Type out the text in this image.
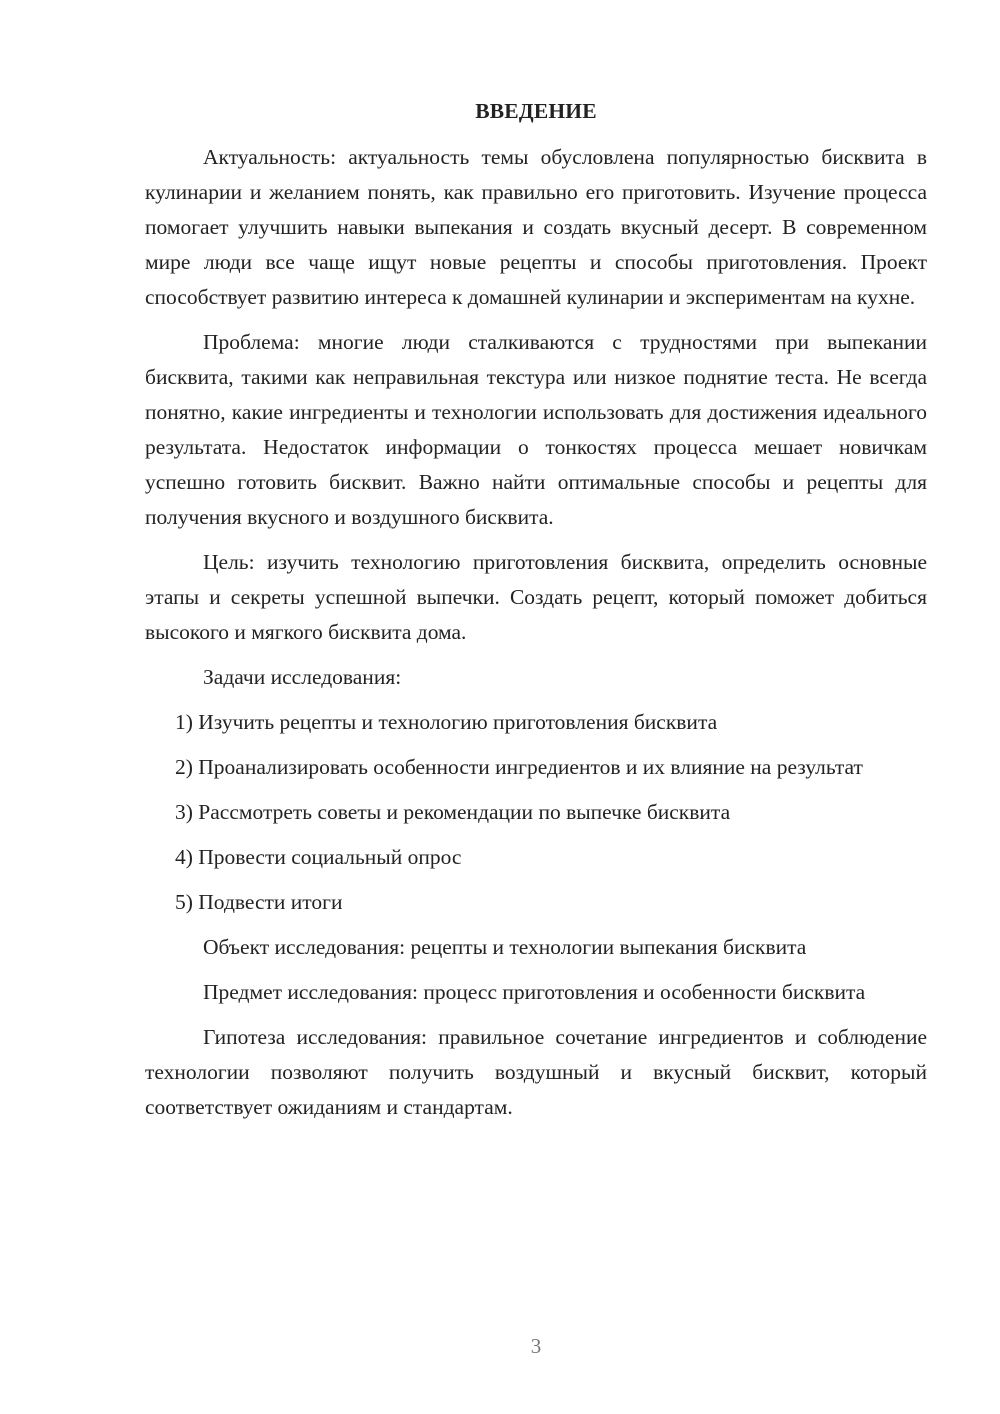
ВВЕДЕНИЕ

Актуальность: актуальность темы обусловлена популярностью бисквита в кулинарии и желанием понять, как правильно его приготовить. Изучение процесса помогает улучшить навыки выпекания и создать вкусный десерт. В современном мире люди все чаще ищут новые рецепты и способы приготовления. Проект способствует развитию интереса к домашней кулинарии и экспериментам на кухне.

Проблема: многие люди сталкиваются с трудностями при выпекании бисквита, такими как неправильная текстура или низкое поднятие теста. Не всегда понятно, какие ингредиенты и технологии использовать для достижения идеального результата. Недостаток информации о тонкостях процесса мешает новичкам успешно готовить бисквит. Важно найти оптимальные способы и рецепты для получения вкусного и воздушного бисквита.

Цель: изучить технологию приготовления бисквита, определить основные этапы и секреты успешной выпечки. Создать рецепт, который поможет добиться высокого и мягкого бисквита дома.

Задачи исследования:

1) Изучить рецепты и технологию приготовления бисквита

2) Проанализировать особенности ингредиентов и их влияние на результат

3) Рассмотреть советы и рекомендации по выпечке бисквита

4) Провести социальный опрос

5) Подвести итоги

Объект исследования: рецепты и технологии выпекания бисквита

Предмет исследования: процесс приготовления и особенности бисквита

Гипотеза исследования: правильное сочетание ингредиентов и соблюдение технологии позволяют получить воздушный и вкусный бисквит, который соответствует ожиданиям и стандартам.

3
